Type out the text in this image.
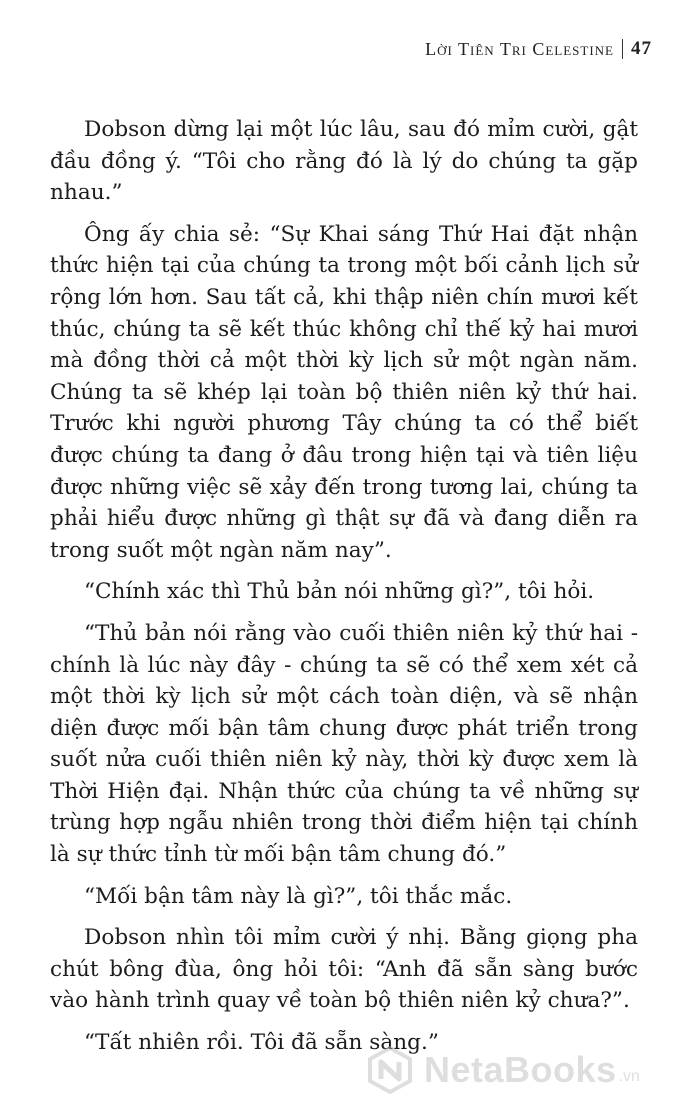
Lời Tiên Tri Celestine 47

Dobson dừng lại một lúc lâu, sau đó mỉm cười, gật đầu đồng ý. “Tôi cho rằng đó là lý do chúng ta gặp nhau.”

Ông ấy chia sẻ: “Sự Khai sáng Thứ Hai đặt nhận thức hiện tại của chúng ta trong một bối cảnh lịch sử rộng lớn hơn. Sau tất cả, khi thập niên chín mươi kết thúc, chúng ta sẽ kết thúc không chỉ thế kỷ hai mươi mà đồng thời cả một thời kỳ lịch sử một ngàn năm. Chúng ta sẽ khép lại toàn bộ thiên niên kỷ thứ hai. Trước khi người phương Tây chúng ta có thể biết được chúng ta đang ở đâu trong hiện tại và tiên liệu được những việc sẽ xảy đến trong tương lai, chúng ta phải hiểu được những gì thật sự đã và đang diễn ra trong suốt một ngàn năm nay”.

“Chính xác thì Thủ bản nói những gì?”, tôi hỏi.

“Thủ bản nói rằng vào cuối thiên niên kỷ thứ hai - chính là lúc này đây - chúng ta sẽ có thể xem xét cả một thời kỳ lịch sử một cách toàn diện, và sẽ nhận diện được mối bận tâm chung được phát triển trong suốt nửa cuối thiên niên kỷ này, thời kỳ được xem là Thời Hiện đại. Nhận thức của chúng ta về những sự trùng hợp ngẫu nhiên trong thời điểm hiện tại chính là sự thức tỉnh từ mối bận tâm chung đó.”

“Mối bận tâm này là gì?”, tôi thắc mắc.

Dobson nhìn tôi mỉm cười ý nhị. Bằng giọng pha chút bông đùa, ông hỏi tôi: “Anh đã sẵn sàng bước vào hành trình quay về toàn bộ thiên niên kỷ chưa?”.

“Tất nhiên rồi. Tôi đã sẵn sàng.”

NetaBooks .vn
